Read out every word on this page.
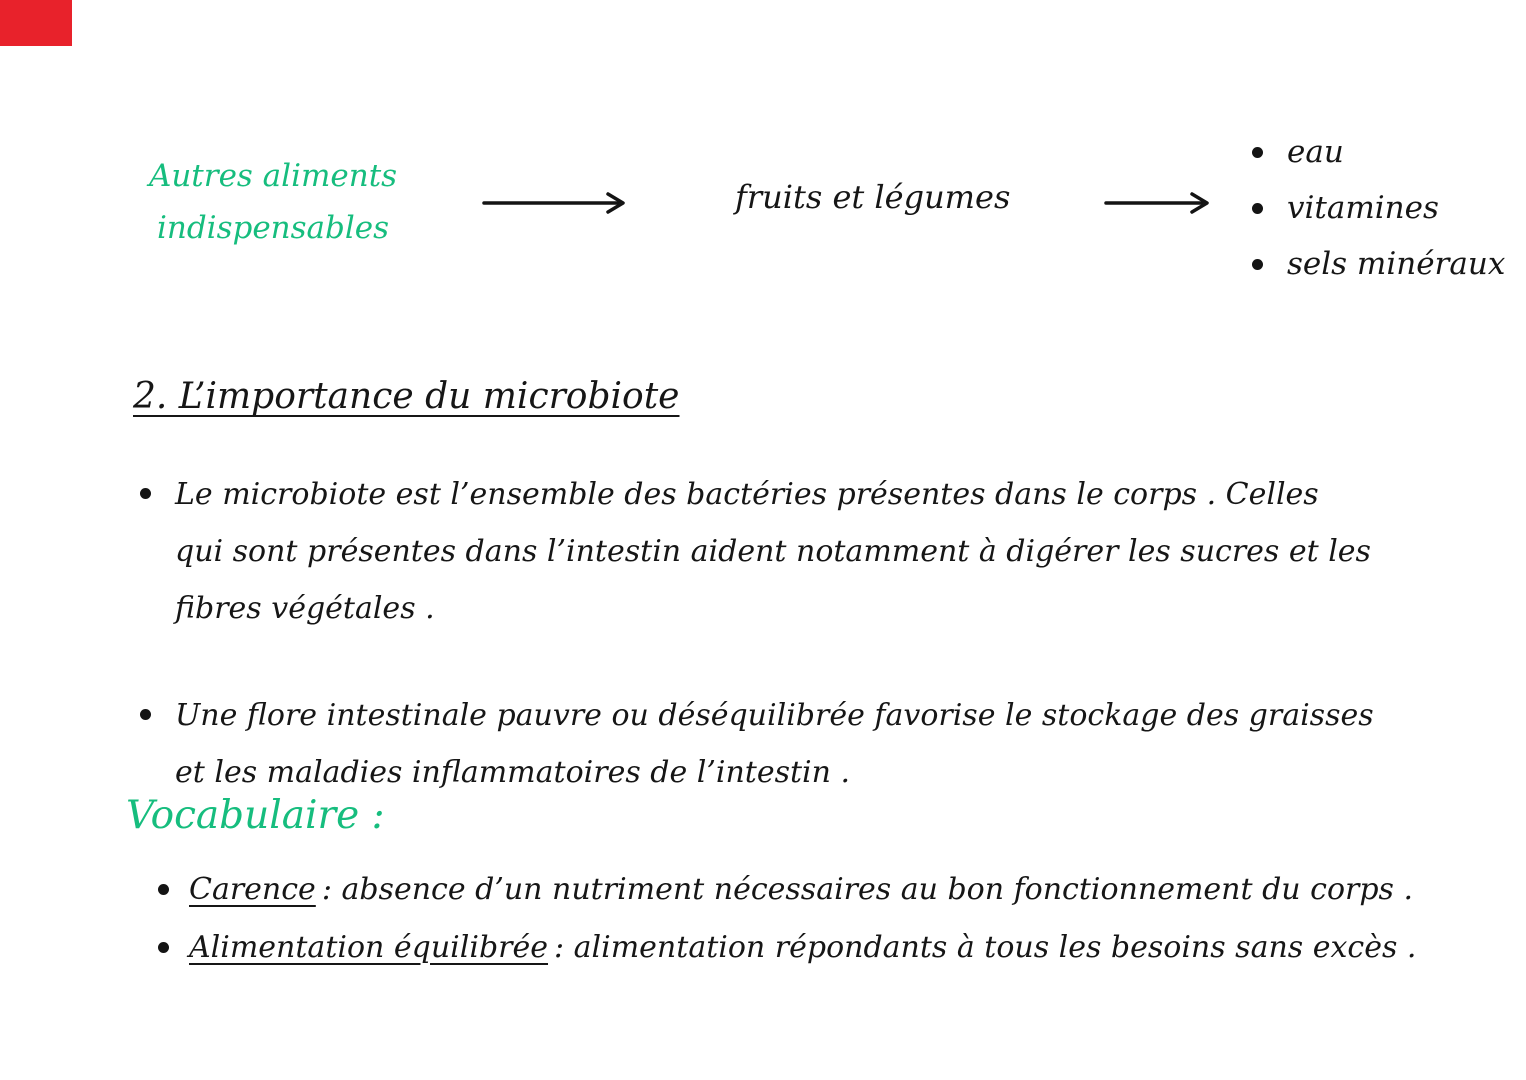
Autres aliments
indispensables
fruits et légumes
eau
vitamines
sels minéraux
2. L’importance du microbiote
Le microbiote est l’ensemble des bactéries présentes dans le corps . Celles qui sont présentes dans l’intestin aident notamment à digérer les sucres et les fibres végétales .
Une flore intestinale pauvre ou déséquilibrée favorise le stockage des graisses et les maladies inflammatoires de l’intestin .
Vocabulaire :
Carence : absence d’un nutriment nécessaires au bon fonctionnement du corps .
Alimentation équilibrée : alimentation répondants à tous les besoins sans excès .
